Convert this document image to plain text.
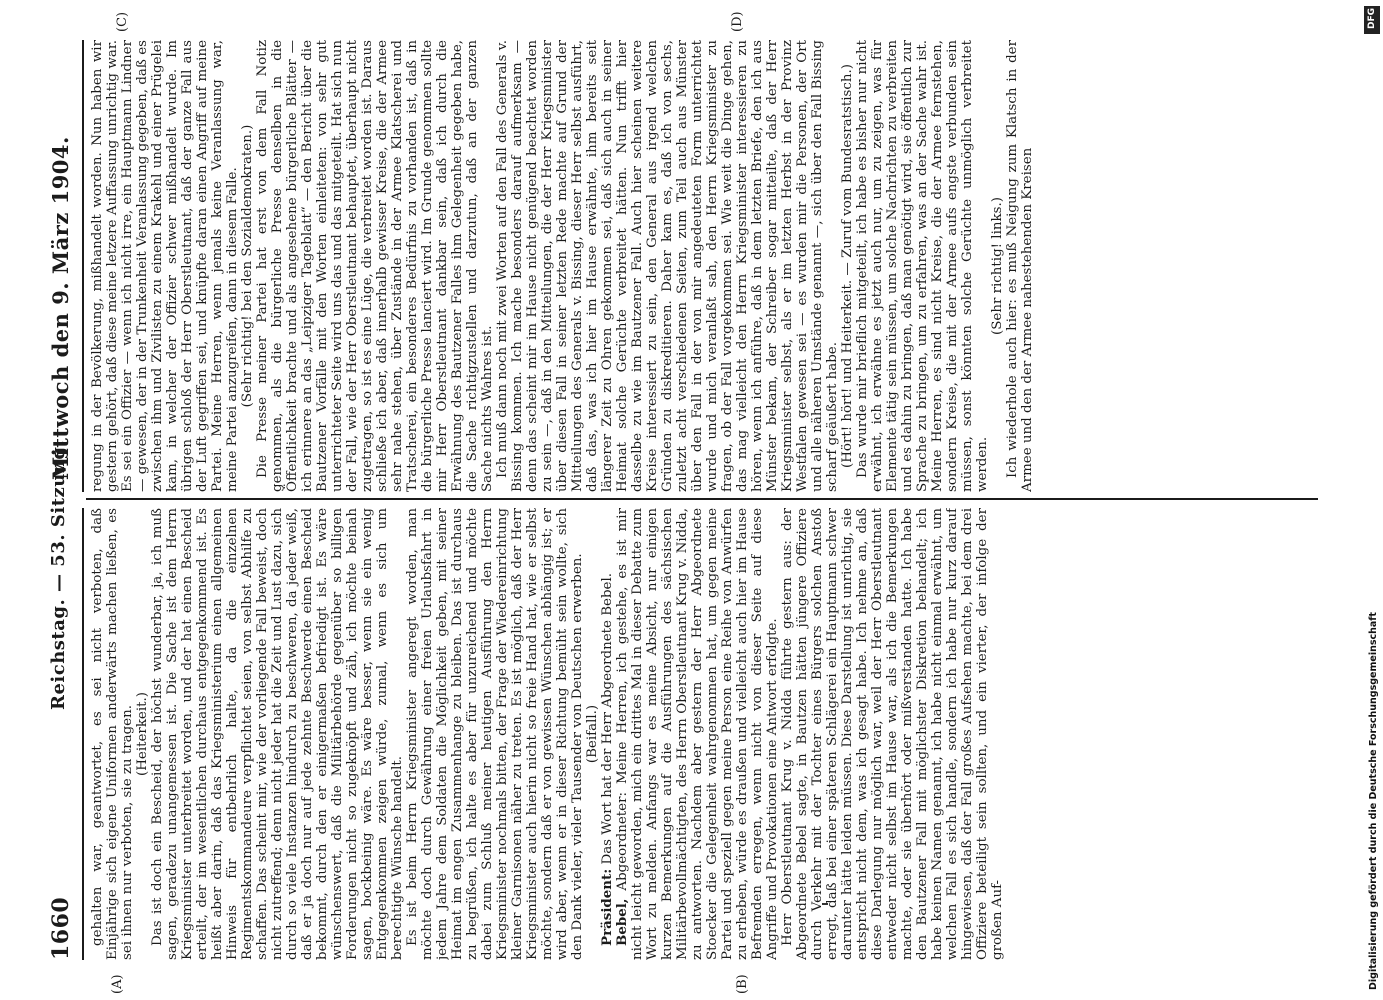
1660
Reichstag. — 53. Sitzung.
Mittwoch den 9. März 1904.
(A)	(B)
(C)	(D)

gehalten war, geantwortet, es sei nicht verboten, daß Einjährige sich eigene Uniformen anderwärts machen ließen, es sei ihnen nur verboten, sie zu tragen. (Heiterkeit.) Das ist doch ein Bescheid, der höchst wunderbar, ja, ich muß sagen, geradezu unangemessen ist. Die Sache ist dem Herrn Kriegsminister unterbreitet worden, und der hat einen Bescheid erteilt, der im wesentlichen durchaus entgegenkommend ist. Es heißt aber darin, daß das Kriegsministerium einen allgemeinen Hinweis für entbehrlich halte, da die einzelnen Regimentskommandeure verpflichtet seien, von selbst Abhilfe zu schaffen. Das scheint mir, wie der vorliegende Fall beweist, doch nicht zutreffend; denn nicht jeder hat die Zeit und Lust dazu, sich durch so viele Instanzen hindurch zu beschweren, da jeder weiß, daß er ja doch nur auf jede zehnte Beschwerde einen Bescheid bekommt, durch den er einigermaßen befriedigt ist. Es wäre wünschenswert, daß die Militärbehörde gegenüber so billigen Forderungen nicht so zugeknöpft und zäh, ich möchte beinah sagen, bockbeinig wäre. Es wäre besser, wenn sie ein wenig Entgegenkommen zeigen würde, zumal, wenn es sich um berechtigte Wünsche handelt. Es ist beim Herrn Kriegsminister angeregt worden, man möchte doch durch Gewährung einer freien Urlaubsfahrt in jedem Jahre dem Soldaten die Möglichkeit geben, mit seiner Heimat im engen Zusammenhange zu bleiben. Das ist durchaus zu begrüßen, ich halte es aber für unzureichend und möchte dabei zum Schluß meiner heutigen Ausführung den Herrn Kriegsminister nochmals bitten, der Frage der Wiedereinrichtung kleiner Garnisonen näher zu treten. Es ist möglich, daß der Herr Kriegsminister auch hierin nicht so freie Hand hat, wie er selbst möchte, sondern daß er von gewissen Wünschen abhängig ist; er wird aber, wenn er in dieser Richtung bemüht sein wollte, sich den Dank vieler, vieler Tausender von Deutschen erwerben. (Beifall.)

Präsident: Das Wort hat der Herr Abgeordnete Bebel.

Bebel, Abgeordneter: Meine Herren, ich gestehe, es ist mir nicht leicht geworden, mich ein drittes Mal in dieser Debatte zum Wort zu melden. Anfangs war es meine Absicht, nur einigen kurzen Bemerkungen auf die Ausführungen des sächsischen Militärbevollmächtigten, des Herrn Oberstleutnant Krug v. Nidda, zu antworten. Nachdem aber gestern der Herr Abgeordnete Stoecker die Gelegenheit wahrgenommen hat, um gegen meine Partei und speziell gegen meine Person eine Reihe von Anwürfen zu erheben, würde es draußen und vielleicht auch hier im Hause Befremden erregen, wenn nicht von dieser Seite auf diese Angriffe und Provokationen eine Antwort erfolgte. Herr Oberstleutnant Krug v. Nidda führte gestern aus: der Abgeordnete Bebel sagte, in Bautzen hätten jüngere Offiziere durch Verkehr mit der Tochter eines Bürgers solchen Anstoß erregt, daß bei einer späteren Schlägerei ein Hauptmann schwer darunter hätte leiden müssen. Diese Darstellung ist unrichtig, sie entspricht nicht dem, was ich gesagt habe. Ich nehme an, daß diese Darlegung nur möglich war, weil der Herr Oberstleutnant entweder nicht selbst im Hause war, als ich die Bemerkungen machte, oder sie überhört oder mißverstanden hatte. Ich habe den Bautzener Fall mit möglichster Diskretion behandelt; ich habe keinen Namen genannt, ich habe nicht einmal erwähnt, um welchen Fall es sich handle, sondern ich habe nur kurz darauf hingewiesen, daß der Fall großes Aufsehen machte, bei dem drei Offiziere beteiligt sein sollten, und ein vierter, der infolge der großen Auf-

regung in der Bevölkerung, mißhandelt worden. Nun haben wir gestern gehört, daß diese meine letzere Auffassung unrichtig war. Es sei ein Offizier — wenn ich nicht irre, ein Hauptmann Lindner — gewesen, der in der Trunkenheit Veranlassung gegeben, daß es zwischen ihm und Zivilisten zu einem Krakehl und einer Prügelei kam, in welcher der Offizier schwer mißhandelt wurde. Im übrigen schloß der Herr Oberstleutnant, daß der ganze Fall aus der Luft gegriffen sei, und knüpfte daran einen Angriff auf meine Partei. Meine Herren, wenn jemals keine Veranlassung war, meine Partei anzugreifen, dann in diesem Falle. (Sehr richtig! bei den Sozialdemokraten.) Die Presse meiner Partei hat erst von dem Fall Notiz genommen, als die bürgerliche Presse denselben in die Öffentlichkeit brachte und als angesehene bürgerliche Blätter — ich erinnere an das „Leipziger Tageblatt“ — den Bericht über die Bautzener Vorfälle mit den Worten einleiteten: von sehr gut unterrichteter Seite wird uns das und das mitgeteilt. Hat sich nun der Fall, wie der Herr Oberstleutnant behauptet, überhaupt nicht zugetragen, so ist es eine Lüge, die verbreitet worden ist. Daraus schließe ich aber, daß innerhalb gewisser Kreise, die der Armee sehr nahe stehen, über Zustände in der Armee Klatscherei und Tratscherei, ein besonderes Bedürfnis zu vorhanden ist, daß in die bürgerliche Presse lanciert wird. Im Grunde genommen sollte mir Herr Oberstleutnant dankbar sein, daß ich durch die Erwähnung des Bautzener Falles ihm Gelegenheit gegeben habe, die Sache richtigzustellen und darzutun, daß an der ganzen Sache nichts Wahres ist. Ich muß dann noch mit zwei Worten auf den Fall des Generals v. Bissing kommen. Ich mache besonders darauf aufmerksam — denn das scheint mir im Hause nicht genügend beachtet worden zu sein —, daß in den Mitteilungen, die der Herr Kriegsminister über diesen Fall in seiner letzten Rede machte auf Grund der Mitteilungen des Generals v. Bissing, dieser Herr selbst ausführt, daß das, was ich hier im Hause erwähnte, ihm bereits seit längerer Zeit zu Ohren gekommen sei, daß sich auch in seiner Heimat solche Gerüchte verbreitet hätten. Nun trifft hier dasselbe zu wie im Bautzener Fall. Auch hier scheinen weitere Kreise interessiert zu sein, den General aus irgend welchen Gründen zu diskreditieren. Daher kam es, daß ich von sechs, zuletzt acht verschiedenen Seiten, zum Teil auch aus Münster über den Fall in der von mir angedeuteten Form unterrichtet wurde und mich veranlaßt sah, den Herrn Kriegsminister zu fragen, ob der Fall vorgekommen sei. Wie weit die Dinge gehen, das mag vielleicht den Herrn Kriegsminister interessieren zu hören, wenn ich anführe, daß in dem letzten Briefe, den ich aus Münster bekam, der Schreiber sogar mitteilte, daß der Herr Kriegsminister selbst, als er im letzten Herbst in der Provinz Westfalen gewesen sei — es wurden mir die Personen, der Ort und alle näheren Umstände genannt —, sich über den Fall Bissing scharf geäußert habe. (Hört! hört! und Heiterkeit. — Zuruf vom Bundesratstisch.) Das wurde mir brieflich mitgeteilt, ich habe es bisher nur nicht erwähnt, ich erwähne es jetzt auch nur, um zu zeigen, was für Elemente tätig sein müssen, um solche Nachrichten zu verbreiten und es dahin zu bringen, daß man genötigt wird, sie öffentlich zur Sprache zu bringen, um zu erfahren, was an der Sache wahr ist. Meine Herren, es sind nicht Kreise, die der Armee fernstehen, sondern Kreise, die mit der Armee aufs engste verbunden sein müssen, sonst könnten solche Gerüchte unmöglich verbreitet werden.

(Sehr richtig! links.) Ich wiederhole auch hier: es muß Neigung zum Klatsch in der Armee und den der Armee nahestehenden Kreisen

DFG
Digitalisierung gefördert durch die Deutsche Forschungsgemeinschaft
